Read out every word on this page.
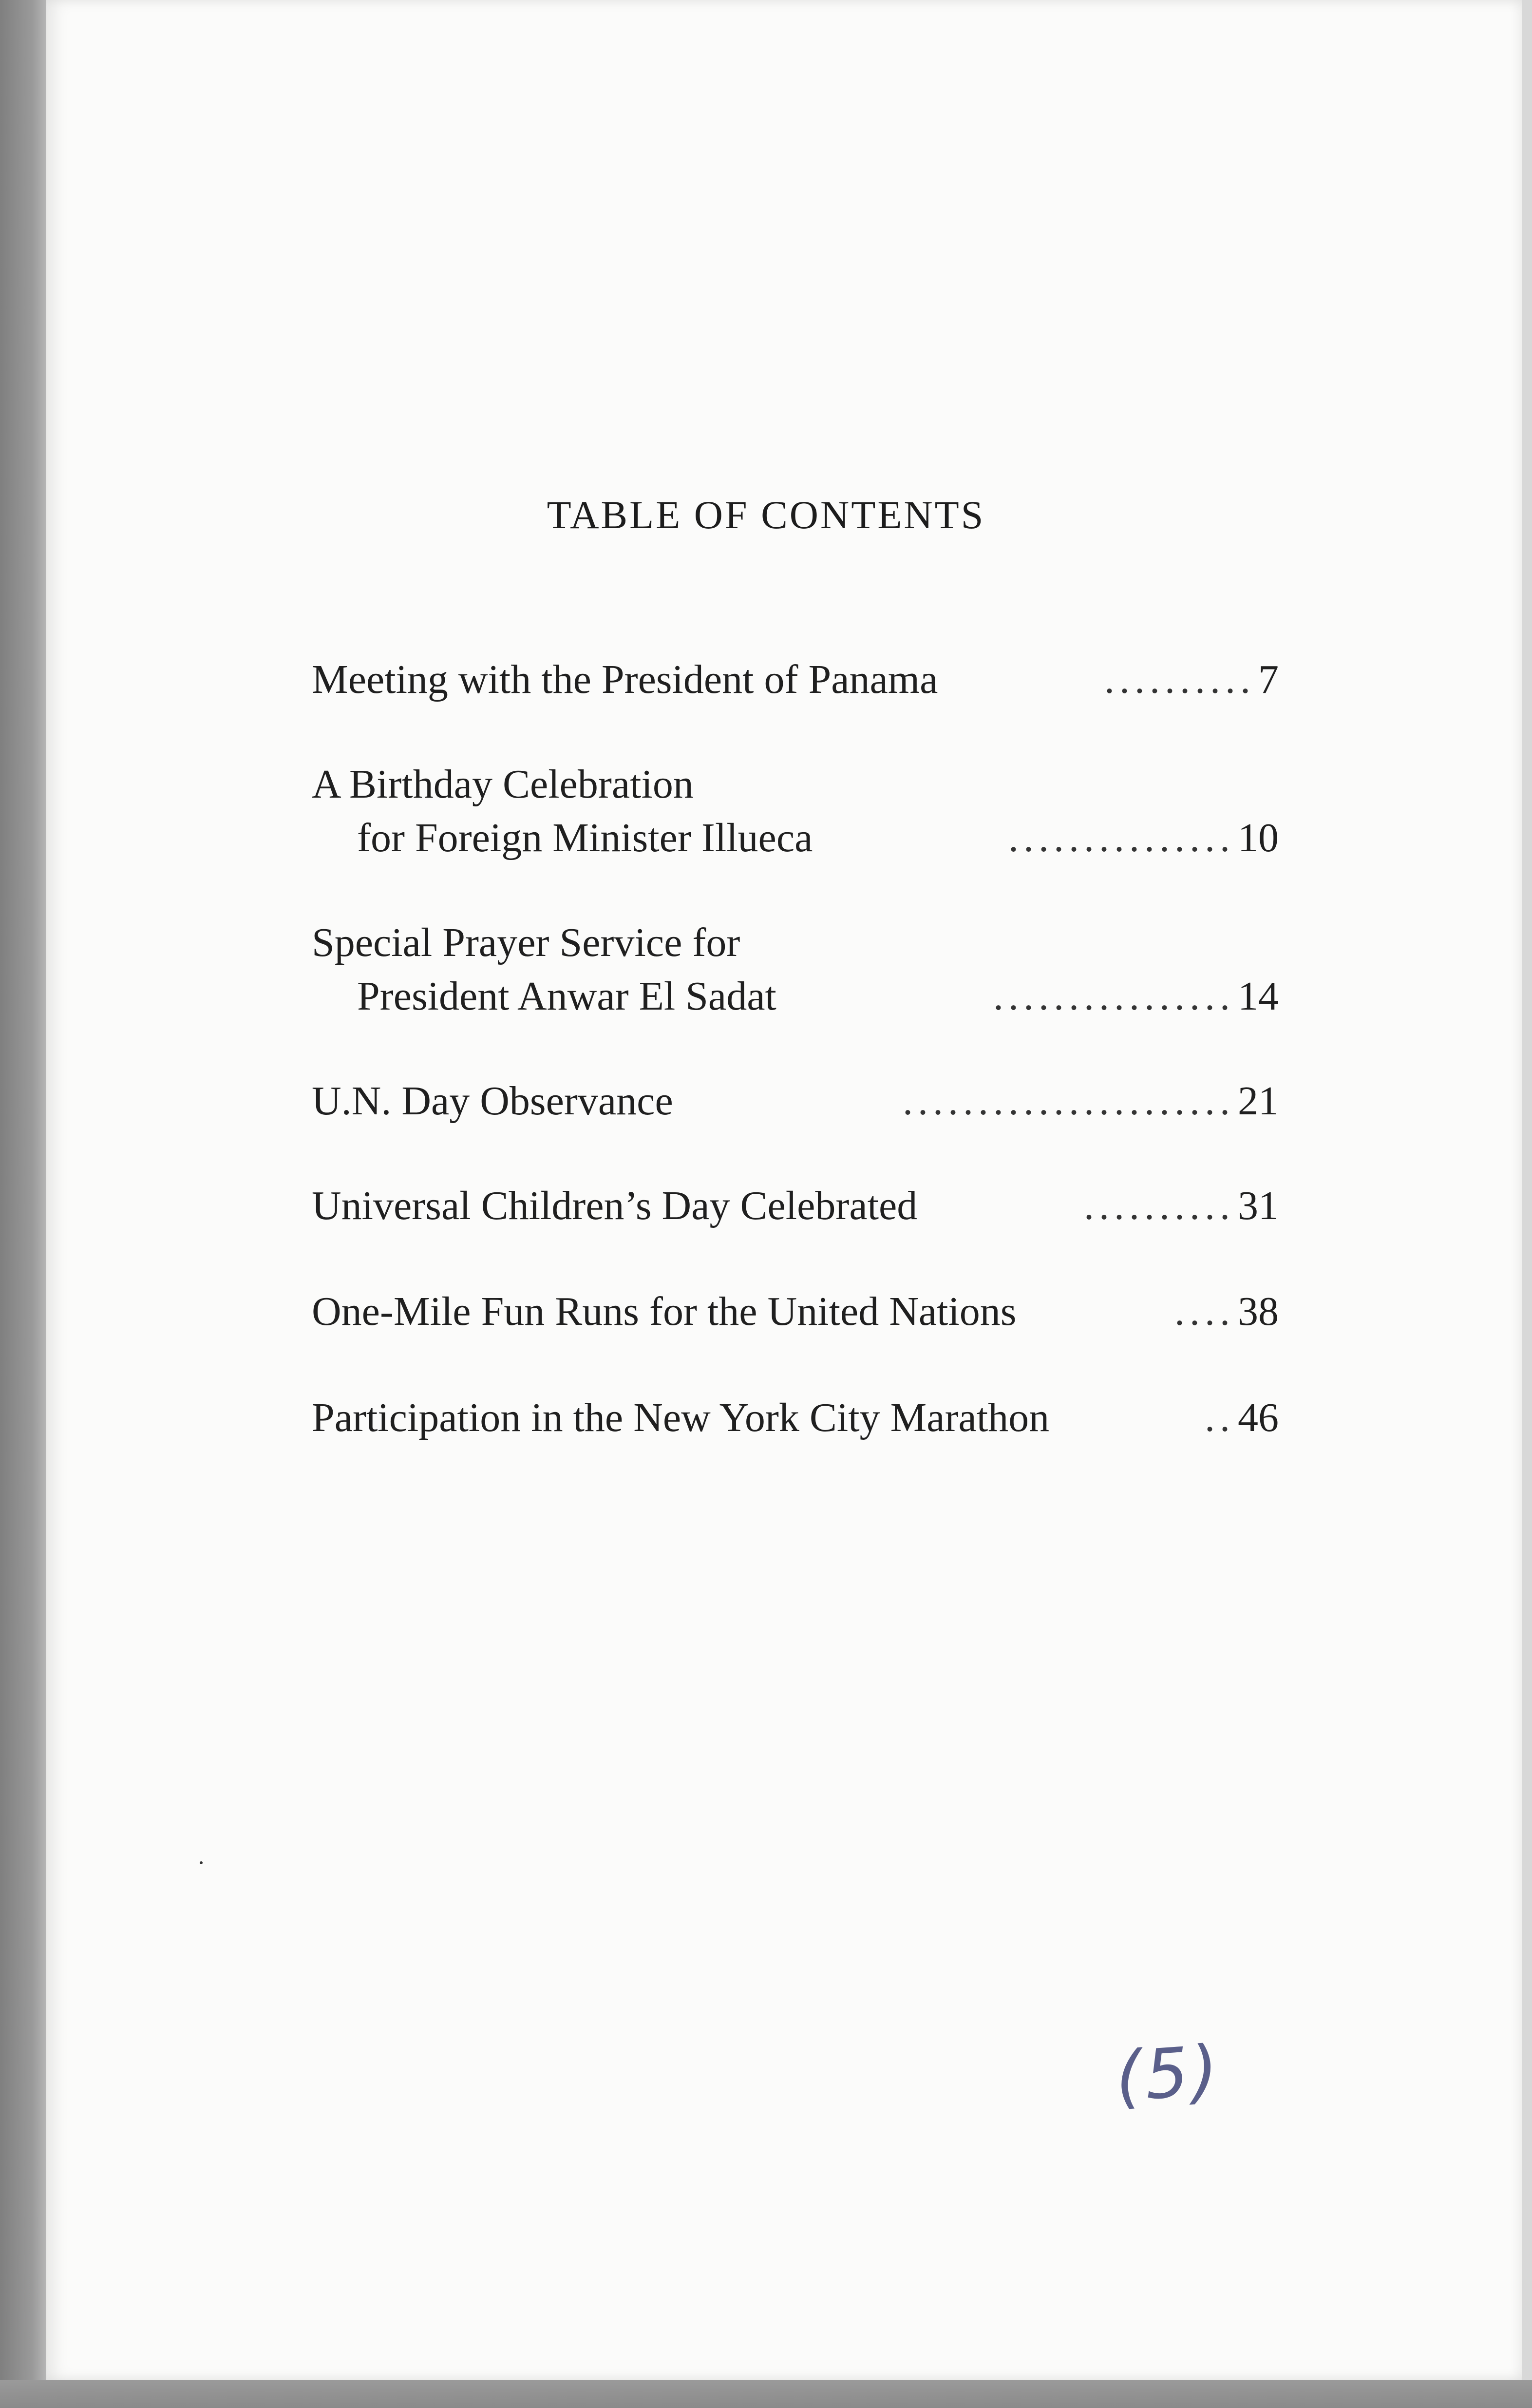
TABLE OF CONTENTS
Meeting with the President of Panama	.......... 7
A Birthday Celebration
for Foreign Minister Illueca	............... 10
Special Prayer Service for
President Anwar El Sadat	................ 14
U.N. Day Observance	...................... 21
Universal Children’s Day Celebrated	.......... 31
One-Mile Fun Runs for the United Nations	.... 38
Participation in the New York City Marathon	.. 46
(5)
